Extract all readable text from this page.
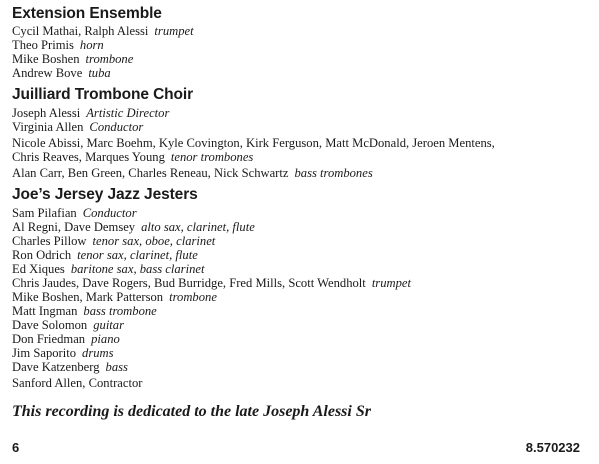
Extension Ensemble
Cycil Mathai, Ralph Alessi trumpet
Theo Primis horn
Mike Boshen trombone
Andrew Bove tuba
Juilliard Trombone Choir
Joseph Alessi Artistic Director
Virginia Allen Conductor
Nicole Abissi, Marc Boehm, Kyle Covington, Kirk Ferguson, Matt McDonald, Jeroen Mentens,
Chris Reaves, Marques Young tenor trombones
Alan Carr, Ben Green, Charles Reneau, Nick Schwartz bass trombones
Joe’s Jersey Jazz Jesters
Sam Pilafian Conductor
Al Regni, Dave Demsey alto sax, clarinet, flute
Charles Pillow tenor sax, oboe, clarinet
Ron Odrich tenor sax, clarinet, flute
Ed Xiques baritone sax, bass clarinet
Chris Jaudes, Dave Rogers, Bud Burridge, Fred Mills, Scott Wendholt trumpet
Mike Boshen, Mark Patterson trombone
Matt Ingman bass trombone
Dave Solomon guitar
Don Friedman piano
Jim Saporito drums
Dave Katzenberg bass
Sanford Allen, Contractor
This recording is dedicated to the late Joseph Alessi Sr
6	8.570232
